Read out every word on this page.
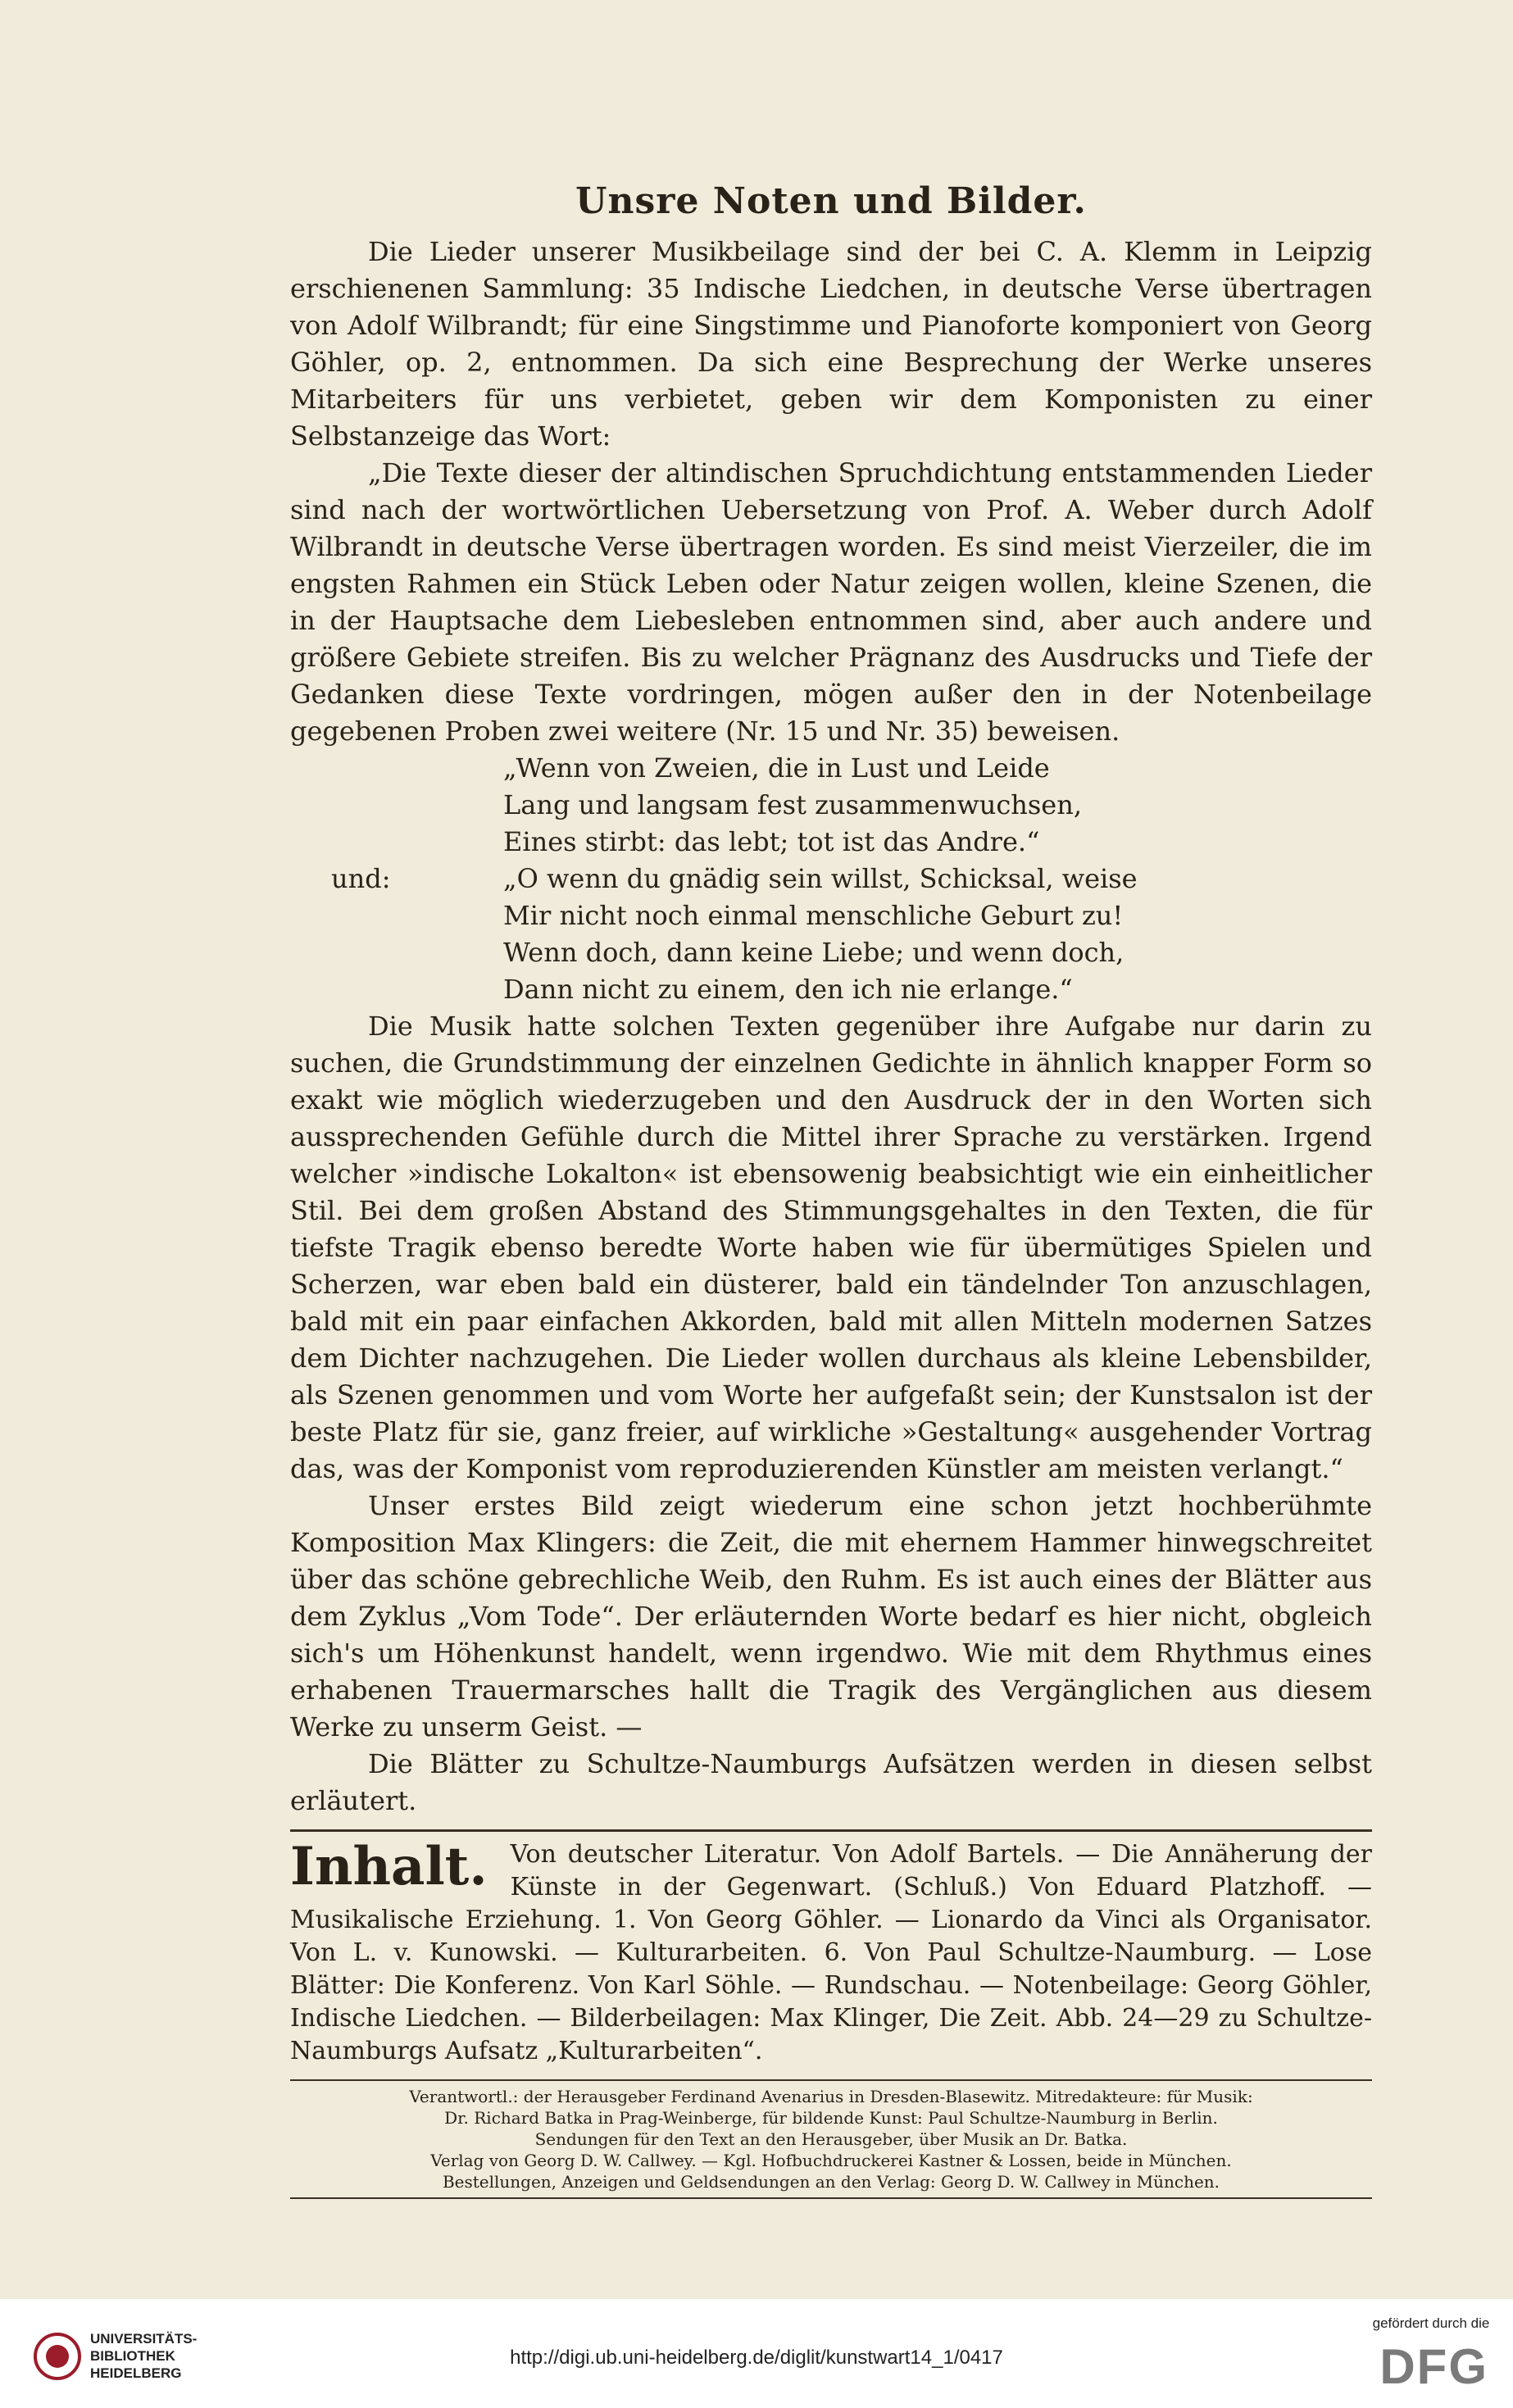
Unsre Noten und Bilder.

Die Lieder unserer Musikbeilage sind der bei C. A. Klemm in Leipzig erschienenen Sammlung: 35 Indische Liedchen, in deutsche Verse übertragen von Adolf Wilbrandt; für eine Singstimme und Pianoforte komponiert von Georg Göhler, op. 2, entnommen. Da sich eine Besprechung der Werke unseres Mitarbeiters für uns verbietet, geben wir dem Komponisten zu einer Selbstanzeige das Wort:

„Die Texte dieser der altindischen Spruchdichtung entstammenden Lieder sind nach der wortwörtlichen Uebersetzung von Prof. A. Weber durch Adolf Wilbrandt in deutsche Verse übertragen worden. Es sind meist Vierzeiler, die im engsten Rahmen ein Stück Leben oder Natur zeigen wollen, kleine Szenen, die in der Hauptsache dem Liebesleben entnommen sind, aber auch andere und größere Gebiete streifen. Bis zu welcher Prägnanz des Ausdrucks und Tiefe der Gedanken diese Texte vordringen, mögen außer den in der Notenbeilage gegebenen Proben zwei weitere (Nr. 15 und Nr. 35) beweisen.

„Wenn von Zweien, die in Lust und Leide

Lang und langsam fest zusammenwuchsen,

Eines stirbt: das lebt; tot ist das Andre.“

und:	„O wenn du gnädig sein willst, Schicksal, weise

Mir nicht noch einmal menschliche Geburt zu!

Wenn doch, dann keine Liebe; und wenn doch,

Dann nicht zu einem, den ich nie erlange.“

Die Musik hatte solchen Texten gegenüber ihre Aufgabe nur darin zu suchen, die Grundstimmung der einzelnen Gedichte in ähnlich knapper Form so exakt wie möglich wiederzugeben und den Ausdruck der in den Worten sich aussprechenden Gefühle durch die Mittel ihrer Sprache zu verstärken. Irgend welcher »indische Lokalton« ist ebensowenig beabsichtigt wie ein einheitlicher Stil. Bei dem großen Abstand des Stimmungsgehaltes in den Texten, die für tiefste Tragik ebenso beredte Worte haben wie für übermütiges Spielen und Scherzen, war eben bald ein düsterer, bald ein tändelnder Ton anzuschlagen, bald mit ein paar einfachen Akkorden, bald mit allen Mitteln modernen Satzes dem Dichter nachzugehen. Die Lieder wollen durchaus als kleine Lebensbilder, als Szenen genommen und vom Worte her aufgefaßt sein; der Kunstsalon ist der beste Platz für sie, ganz freier, auf wirkliche »Gestaltung« ausgehender Vortrag das, was der Komponist vom reproduzierenden Künstler am meisten verlangt.“

Unser erstes Bild zeigt wiederum eine schon jetzt hochberühmte Komposition Max Klingers: die Zeit, die mit ehernem Hammer hinwegschreitet über das schöne gebrechliche Weib, den Ruhm. Es ist auch eines der Blätter aus dem Zyklus „Vom Tode“. Der erläuternden Worte bedarf es hier nicht, obgleich sich's um Höhenkunst handelt, wenn irgendwo. Wie mit dem Rhythmus eines erhabenen Trauermarsches hallt die Tragik des Vergänglichen aus diesem Werke zu unserm Geist. —

Die Blätter zu Schultze-Naumburgs Aufsätzen werden in diesen selbst erläutert.

Inhalt. Von deutscher Literatur. Von Adolf Bartels. — Die Annäherung der Künste in der Gegenwart. (Schluß.) Von Eduard Platzhoff. — Musikalische Erziehung. 1. Von Georg Göhler. — Lionardo da Vinci als Organisator. Von L. v. Kunowski. — Kulturarbeiten. 6. Von Paul Schultze-Naumburg. — Lose Blätter: Die Konferenz. Von Karl Söhle. — Rundschau. — Notenbeilage: Georg Göhler, Indische Liedchen. — Bilderbeilagen: Max Klinger, Die Zeit. Abb. 24—29 zu Schultze-Naumburgs Aufsatz „Kulturarbeiten“.

Verantwortl.: der Herausgeber Ferdinand Avenarius in Dresden-Blasewitz. Mitredakteure: für Musik:

Dr. Richard Batka in Prag-Weinberge, für bildende Kunst: Paul Schultze-Naumburg in Berlin.

Sendungen für den Text an den Herausgeber, über Musik an Dr. Batka.

Verlag von Georg D. W. Callwey. — Kgl. Hofbuchdruckerei Kastner & Lossen, beide in München.

Bestellungen, Anzeigen und Geldsendungen an den Verlag: Georg D. W. Callwey in München.

UNIVERSITÄTS-
BIBLIOTHEK
HEIDELBERG
http://digi.ub.uni-heidelberg.de/diglit/kunstwart14_1/0417
gefördert durch die
DFG
